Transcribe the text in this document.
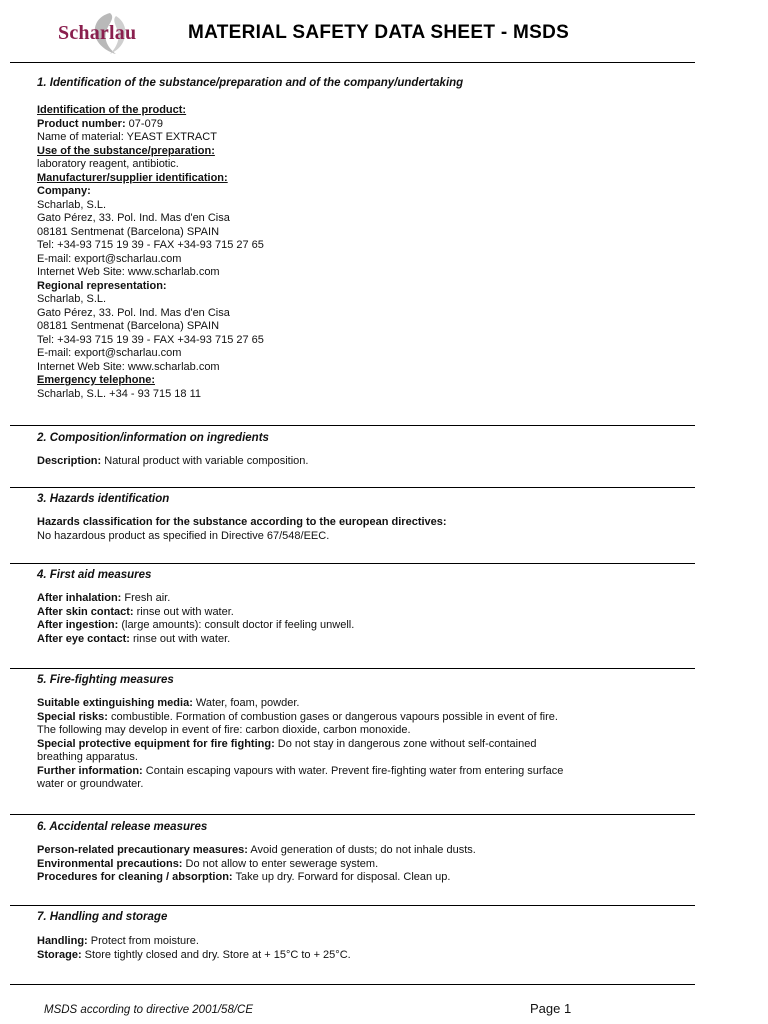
Scharlau	MATERIAL SAFETY DATA SHEET - MSDS
1. Identification of the substance/preparation and of the company/undertaking

Identification of the product:

Product number: 07-079

Name of material: YEAST EXTRACT

Use of the substance/preparation:

laboratory reagent, antibiotic.

Manufacturer/supplier identification:

Company:

Scharlab, S.L.

Gato Pérez, 33. Pol. Ind. Mas d'en Cisa

08181 Sentmenat (Barcelona) SPAIN

Tel: +34-93 715 19 39 - FAX +34-93 715 27 65

E-mail: export@scharlau.com

Internet Web Site: www.scharlab.com

Regional representation:

Scharlab, S.L.

Gato Pérez, 33. Pol. Ind. Mas d'en Cisa

08181 Sentmenat (Barcelona) SPAIN

Tel: +34-93 715 19 39 - FAX +34-93 715 27 65

E-mail: export@scharlau.com

Internet Web Site: www.scharlab.com

Emergency telephone:

Scharlab, S.L. +34 - 93 715 18 11

2. Composition/information on ingredients

Description: Natural product with variable composition.

3. Hazards identification

Hazards classification for the substance according to the european directives:

No hazardous product as specified in Directive 67/548/EEC.

4. First aid measures

After inhalation: Fresh air.

After skin contact: rinse out with water.

After ingestion: (large amounts): consult doctor if feeling unwell.

After eye contact: rinse out with water.

5. Fire-fighting measures

Suitable extinguishing media: Water, foam, powder.

Special risks: combustible. Formation of combustion gases or dangerous vapours possible in event of fire.

The following may develop in event of fire: carbon dioxide, carbon monoxide.

Special protective equipment for fire fighting: Do not stay in dangerous zone without self-contained

breathing apparatus.

Further information: Contain escaping vapours with water. Prevent fire-fighting water from entering surface

water or groundwater.

6. Accidental release measures

Person-related precautionary measures: Avoid generation of dusts; do not inhale dusts.

Environmental precautions: Do not allow to enter sewerage system.

Procedures for cleaning / absorption: Take up dry. Forward for disposal. Clean up.

7. Handling and storage

Handling: Protect from moisture.

Storage: Store tightly closed and dry. Store at + 15°C to + 25°C.

MSDS according to directive 2001/58/CE	Page 1
